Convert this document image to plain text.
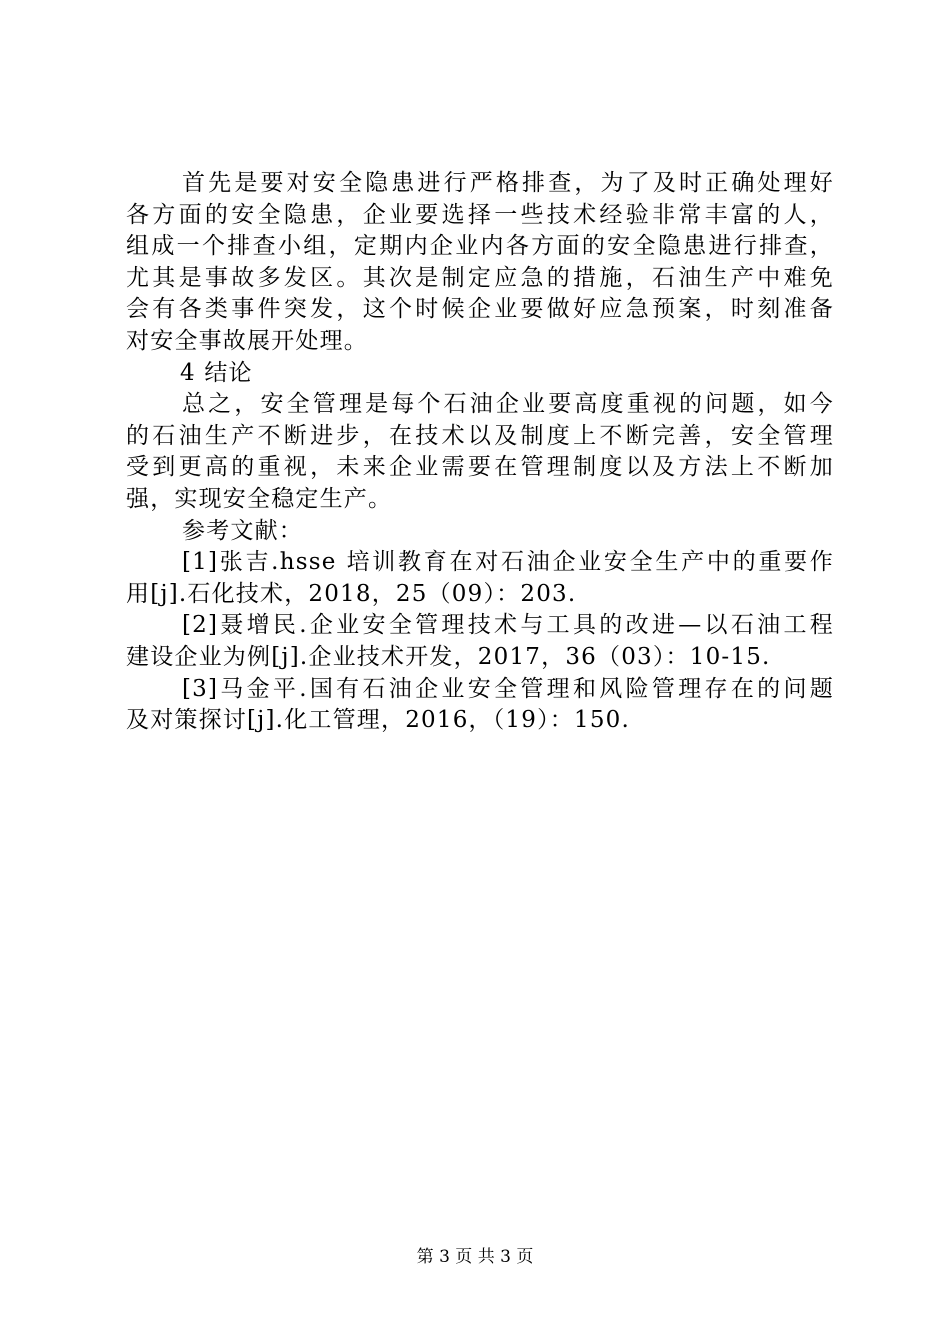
首先是要对安全隐患进行严格排查，为了及时正确处理好
各方面的安全隐患，企业要选择一些技术经验非常丰富的人，
组成一个排查小组，定期内企业内各方面的安全隐患进行排查，
尤其是事故多发区。其次是制定应急的措施，石油生产中难免
会有各类事件突发，这个时候企业要做好应急预案，时刻准备
对安全事故展开处理。
4 结论
总之，安全管理是每个石油企业要高度重视的问题，如今
的石油生产不断进步，在技术以及制度上不断完善，安全管理
受到更高的重视，未来企业需要在管理制度以及方法上不断加
强，实现安全稳定生产。
参考文献：
[1]张吉.hsse 培训教育在对石油企业安全生产中的重要作
用[j].石化技术，2018，25（09）：203.
[2]聂增民.企业安全管理技术与工具的改进—以石油工程
建设企业为例[j].企业技术开发，2017，36（03）：10-15.
[3]马金平.国有石油企业安全管理和风险管理存在的问题
及对策探讨[j].化工管理，2016，（19）：150.
第 3 页 共 3 页
